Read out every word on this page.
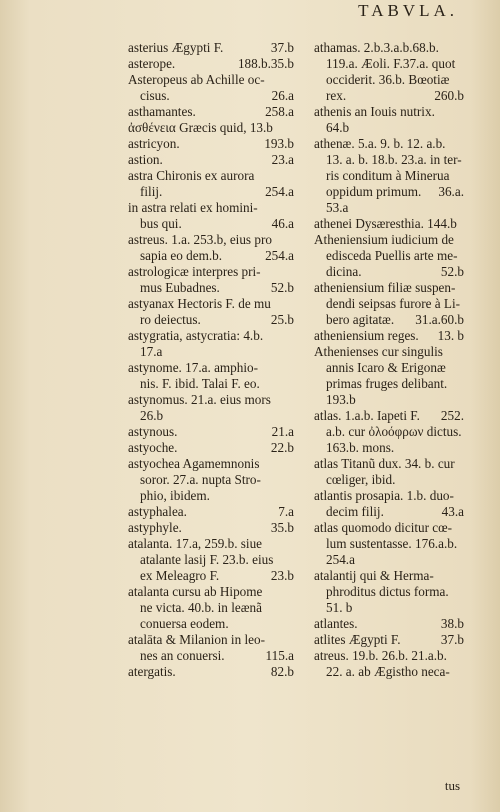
TABVLA.
asterius Ægypti F.	37.b
asterope.	188.b.35.b
Asteropeus ab Achille oc-
cisus.	26.a
asthamantes.	258.a
ἀσθένεια Græcis quid, 13.b
astricyon.	193.b
astion.	23.a
astra Chironis ex aurora
filij.	254.a
in astra relati ex homini-
bus qui.	46.a
astreus. 1.a. 253.b, eius pro
sapia eo dem.b.	254.a
astrologicæ interpres pri-
mus Eubadnes.	52.b
astyanax Hectoris F. de mu
ro deiectus.	25.b
astygratia, astycratia: 4.b.
17.a
astynome. 17.a. amphio-
nis. F. ibid. Talai F. eo.
astynomus. 21.a. eius mors
26.b
astynous.	21.a
astyoche.	22.b
astyochea Agamemnonis
soror. 27.a. nupta Stro-
phio, ibidem.
astyphalea.	7.a
astyphyle.	35.b
atalanta. 17.a, 259.b. siue
atalante lasij F. 23.b. eius
ex Meleagro F.	23.b
atalanta cursu ab Hipome
ne victa. 40.b. in leænã
conuersa eodem.
atalāta & Milanion in leo-
nes an conuersi.	115.a
atergatis.	82.b
athamas. 2.b.3.a.b.68.b.
119.a. Æoli. F.37.a. quot
occiderit. 36.b. Bœotiæ
rex.	260.b
athenis an Iouis nutrix.
64.b
athenæ. 5.a. 9. b. 12. a.b.
13. a. b. 18.b. 23.a. in ter-
ris conditum à Minerua
oppidum primum. 36.a.
53.a
athenei Dysæresthia. 144.b
Atheniensium iudicium de
edisceda Puellis arte me-
dicina.	52.b
atheniensium filiæ suspen-
dendi seipsas furore à Li-
bero agitatæ. 31.a.60.b
atheniensium reges. 13. b
Athenienses cur singulis
annis Icaro & Erigonæ
primas fruges delibant.
193.b
atlas. 1.a.b. Iapeti F. 252.
a.b. cur ὀλοόφρων dictus.
163.b. mons.
atlas Titanũ dux. 34. b. cur
cœliger, ibid.
atlantis prosapia. 1.b. duo-
decim filij.	43.a
atlas quomodo dicitur cœ-
lum sustentasse. 176.a.b.
254.a
atalantij qui & Herma-
phroditus dictus forma.
51. b
atlantes.	38.b
atlites Ægypti F.	37.b
atreus. 19.b. 26.b. 21.a.b.
22. a. ab Ægistho neca-
tus
